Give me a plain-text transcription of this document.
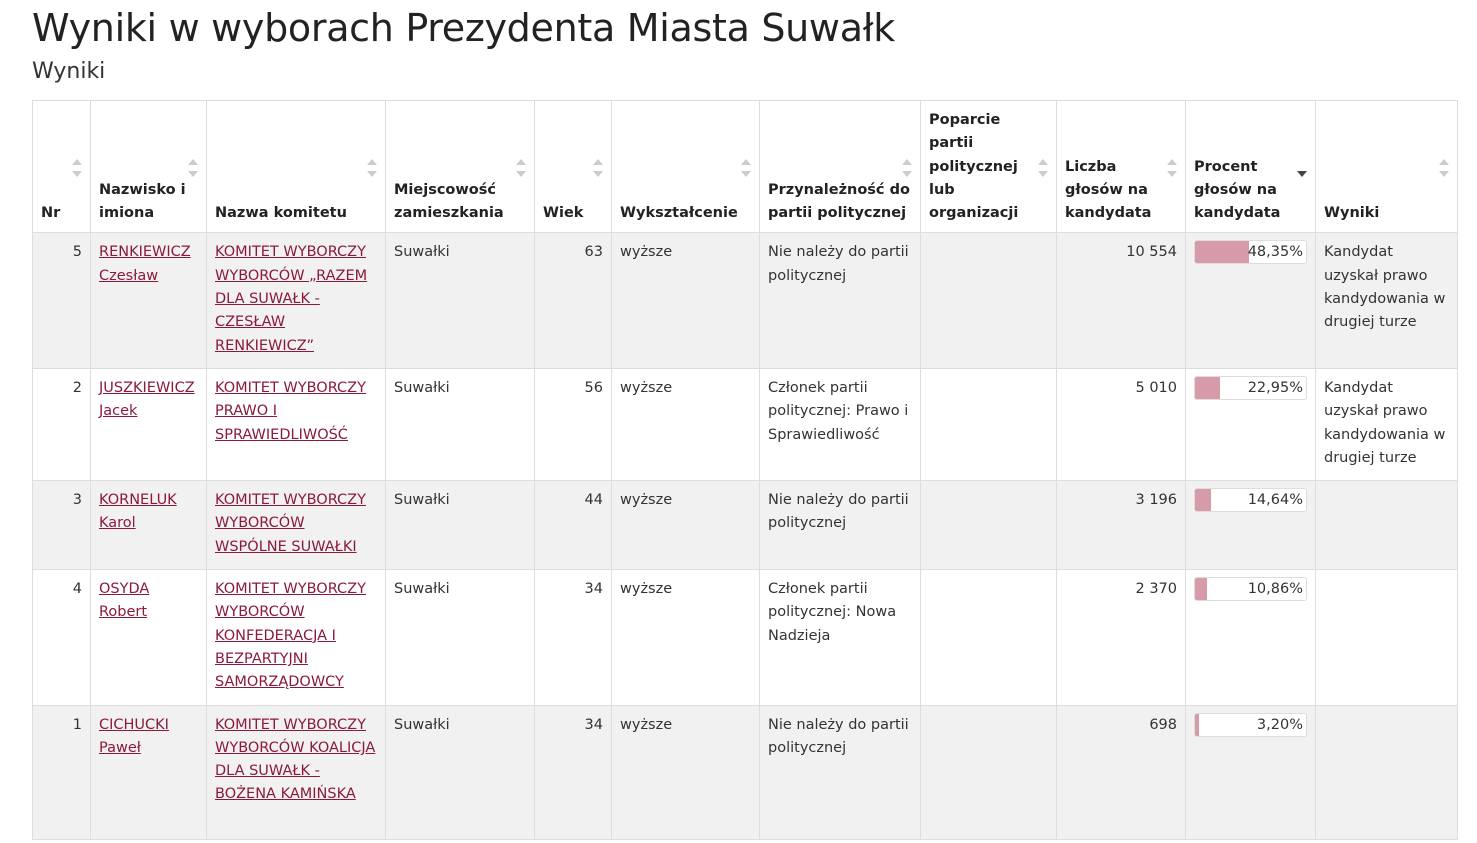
Wyniki w wyborach Prezydenta Miasta Suwałk
Wyniki
Nr	Nazwisko i imiona	Nazwa komitetu	Miejscowość zamieszkania	Wiek	Wykształcenie	Przynależność do partii politycznej	Poparcie partii politycznej lub organizacji	Liczba głosów na kandydata	Procent głosów na kandydata	Wyniki

5	RENKIEWICZ Czesław	KOMITET WYBORCZY WYBORCÓW „RAZEM DLA SUWAŁK - CZESŁAW RENKIEWICZ”	Suwałki	63	wyższe	Nie należy do partii politycznej		10 554	48,35%	Kandydat uzyskał prawo kandydowania w drugiej turze
2	JUSZKIEWICZ Jacek	KOMITET WYBORCZY PRAWO I SPRAWIEDLIWOŚĆ	Suwałki	56	wyższe	Członek partii politycznej: Prawo i Sprawiedliwość		5 010	22,95%	Kandydat uzyskał prawo kandydowania w drugiej turze
3	KORNELUK Karol	KOMITET WYBORCZY WYBORCÓW WSPÓLNE SUWAŁKI	Suwałki	44	wyższe	Nie należy do partii politycznej		3 196	14,64%	

4	OSYDA Robert	KOMITET WYBORCZY WYBORCÓW KONFEDERACJA I BEZPARTYJNI SAMORZĄDOWCY	Suwałki	34	wyższe	Członek partii politycznej: Nowa Nadzieja		2 370	10,86%	

1	CICHUCKI Paweł	KOMITET WYBORCZY WYBORCÓW KOALICJA DLA SUWAŁK - BOŻENA KAMIŃSKA	Suwałki	34	wyższe	Nie należy do partii politycznej		698	3,20%	
